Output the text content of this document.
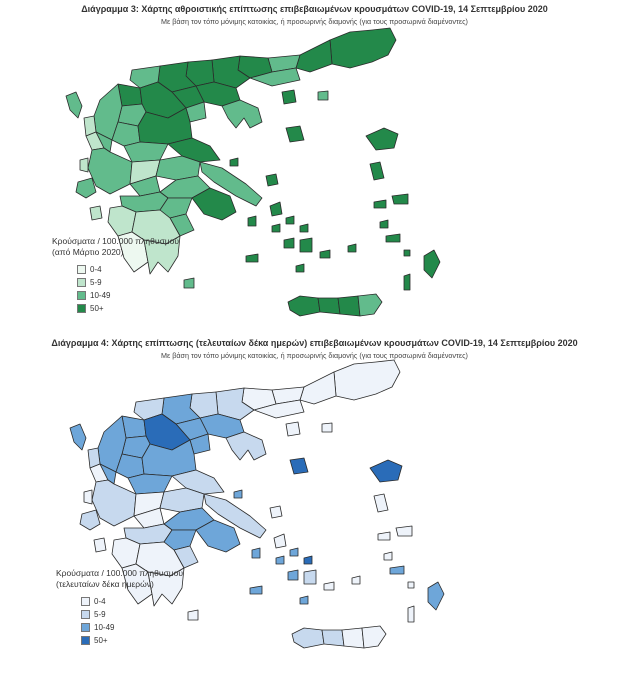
Διάγραμμα 3: Χάρτης αθροιστικής επίπτωσης επιβεβαιωμένων κρουσμάτων COVID-19, 14 Σεπτεμβρίου 2020
Με βάση τον τόπο μόνιμης κατοικίας, ή προσωρινής διαμονής (για τους προσωρινά διαμένοντες)
Κρούσματα / 100.000 πληθυσμού
(από Μάρτιο 2020)
0-4
5-9
10-49
50+
Διάγραμμα 4: Χάρτης επίπτωσης (τελευταίων δέκα ημερών) επιβεβαιωμένων κρουσμάτων COVID-19, 14 Σεπτεμβρίου 2020
Με βάση τον τόπο μόνιμης κατοικίας, ή προσωρινής διαμονής (για τους προσωρινά διαμένοντες)
Κρούσματα / 100.000 πληθυσμού
(τελευταίων δέκα ημερών)
0-4
5-9
10-49
50+
